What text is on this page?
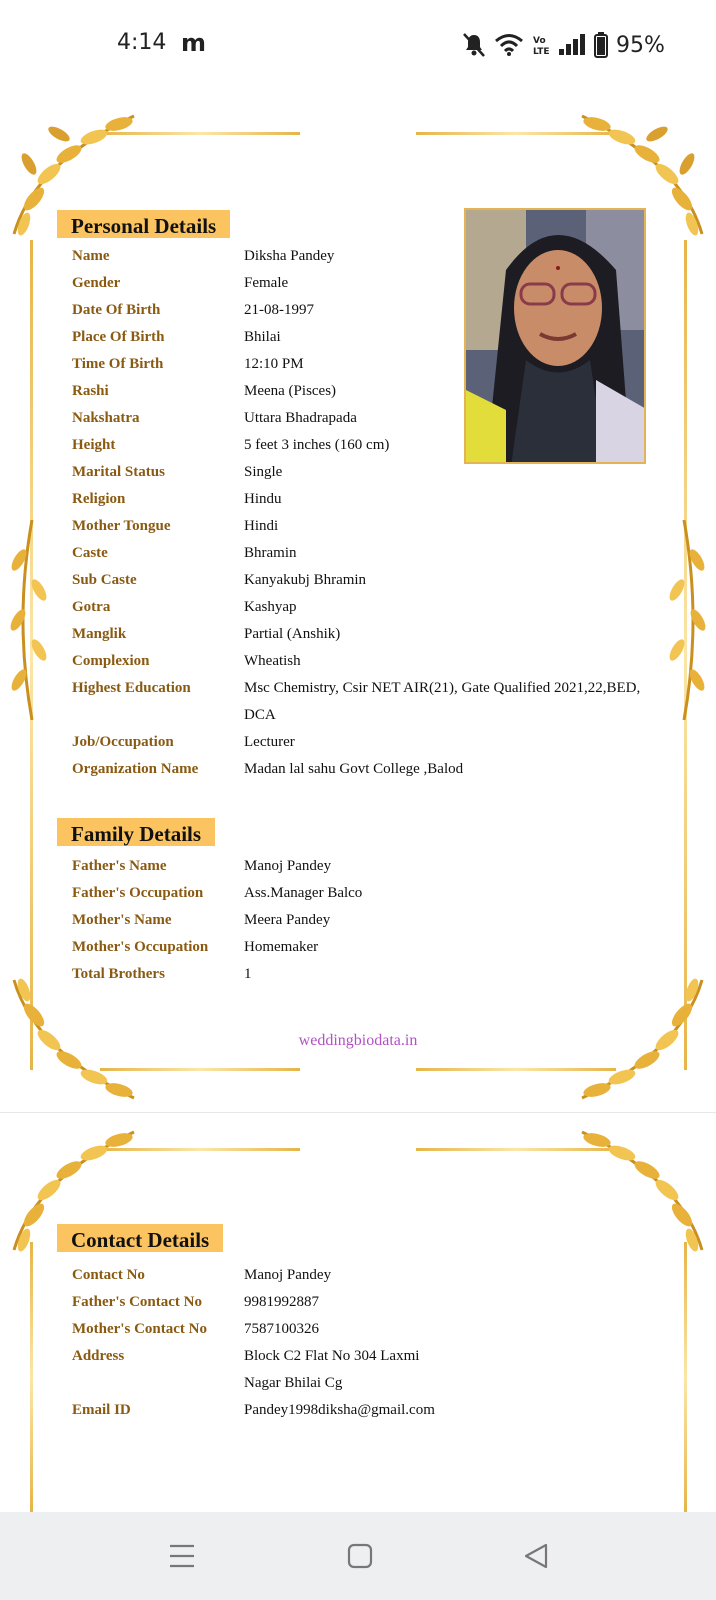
4:14 m	Vo
LTE	95%
Personal Details
Name	Diksha Pandey
Gender	Female
Date Of Birth	21-08-1997
Place Of Birth	Bhilai
Time Of Birth	12:10 PM
Rashi	Meena (Pisces)
Nakshatra	Uttara Bhadrapada
Height	5 feet 3 inches (160 cm)
Marital Status	Single
Religion	Hindu
Mother Tongue	Hindi
Caste	Bhramin
Sub Caste	Kanyakubj Bhramin
Gotra	Kashyap
Manglik	Partial (Anshik)
Complexion	Wheatish
Highest Education	Msc Chemistry, Csir NET AIR(21), Gate Qualified 2021,22,BED, DCA
Job/Occupation	Lecturer
Organization Name	Madan lal sahu Govt College ,Balod
Family Details
Father's Name	Manoj Pandey
Father's Occupation	Ass.Manager Balco
Mother's Name	Meera Pandey
Mother's Occupation	Homemaker
Total Brothers	1
weddingbiodata.in
Contact Details
Contact No	Manoj Pandey
Father's Contact No	9981992887
Mother's Contact No	7587100326
Address	Block C2 Flat No 304 Laxmi Nagar Bhilai Cg
Email ID	Pandey1998diksha@gmail.com
